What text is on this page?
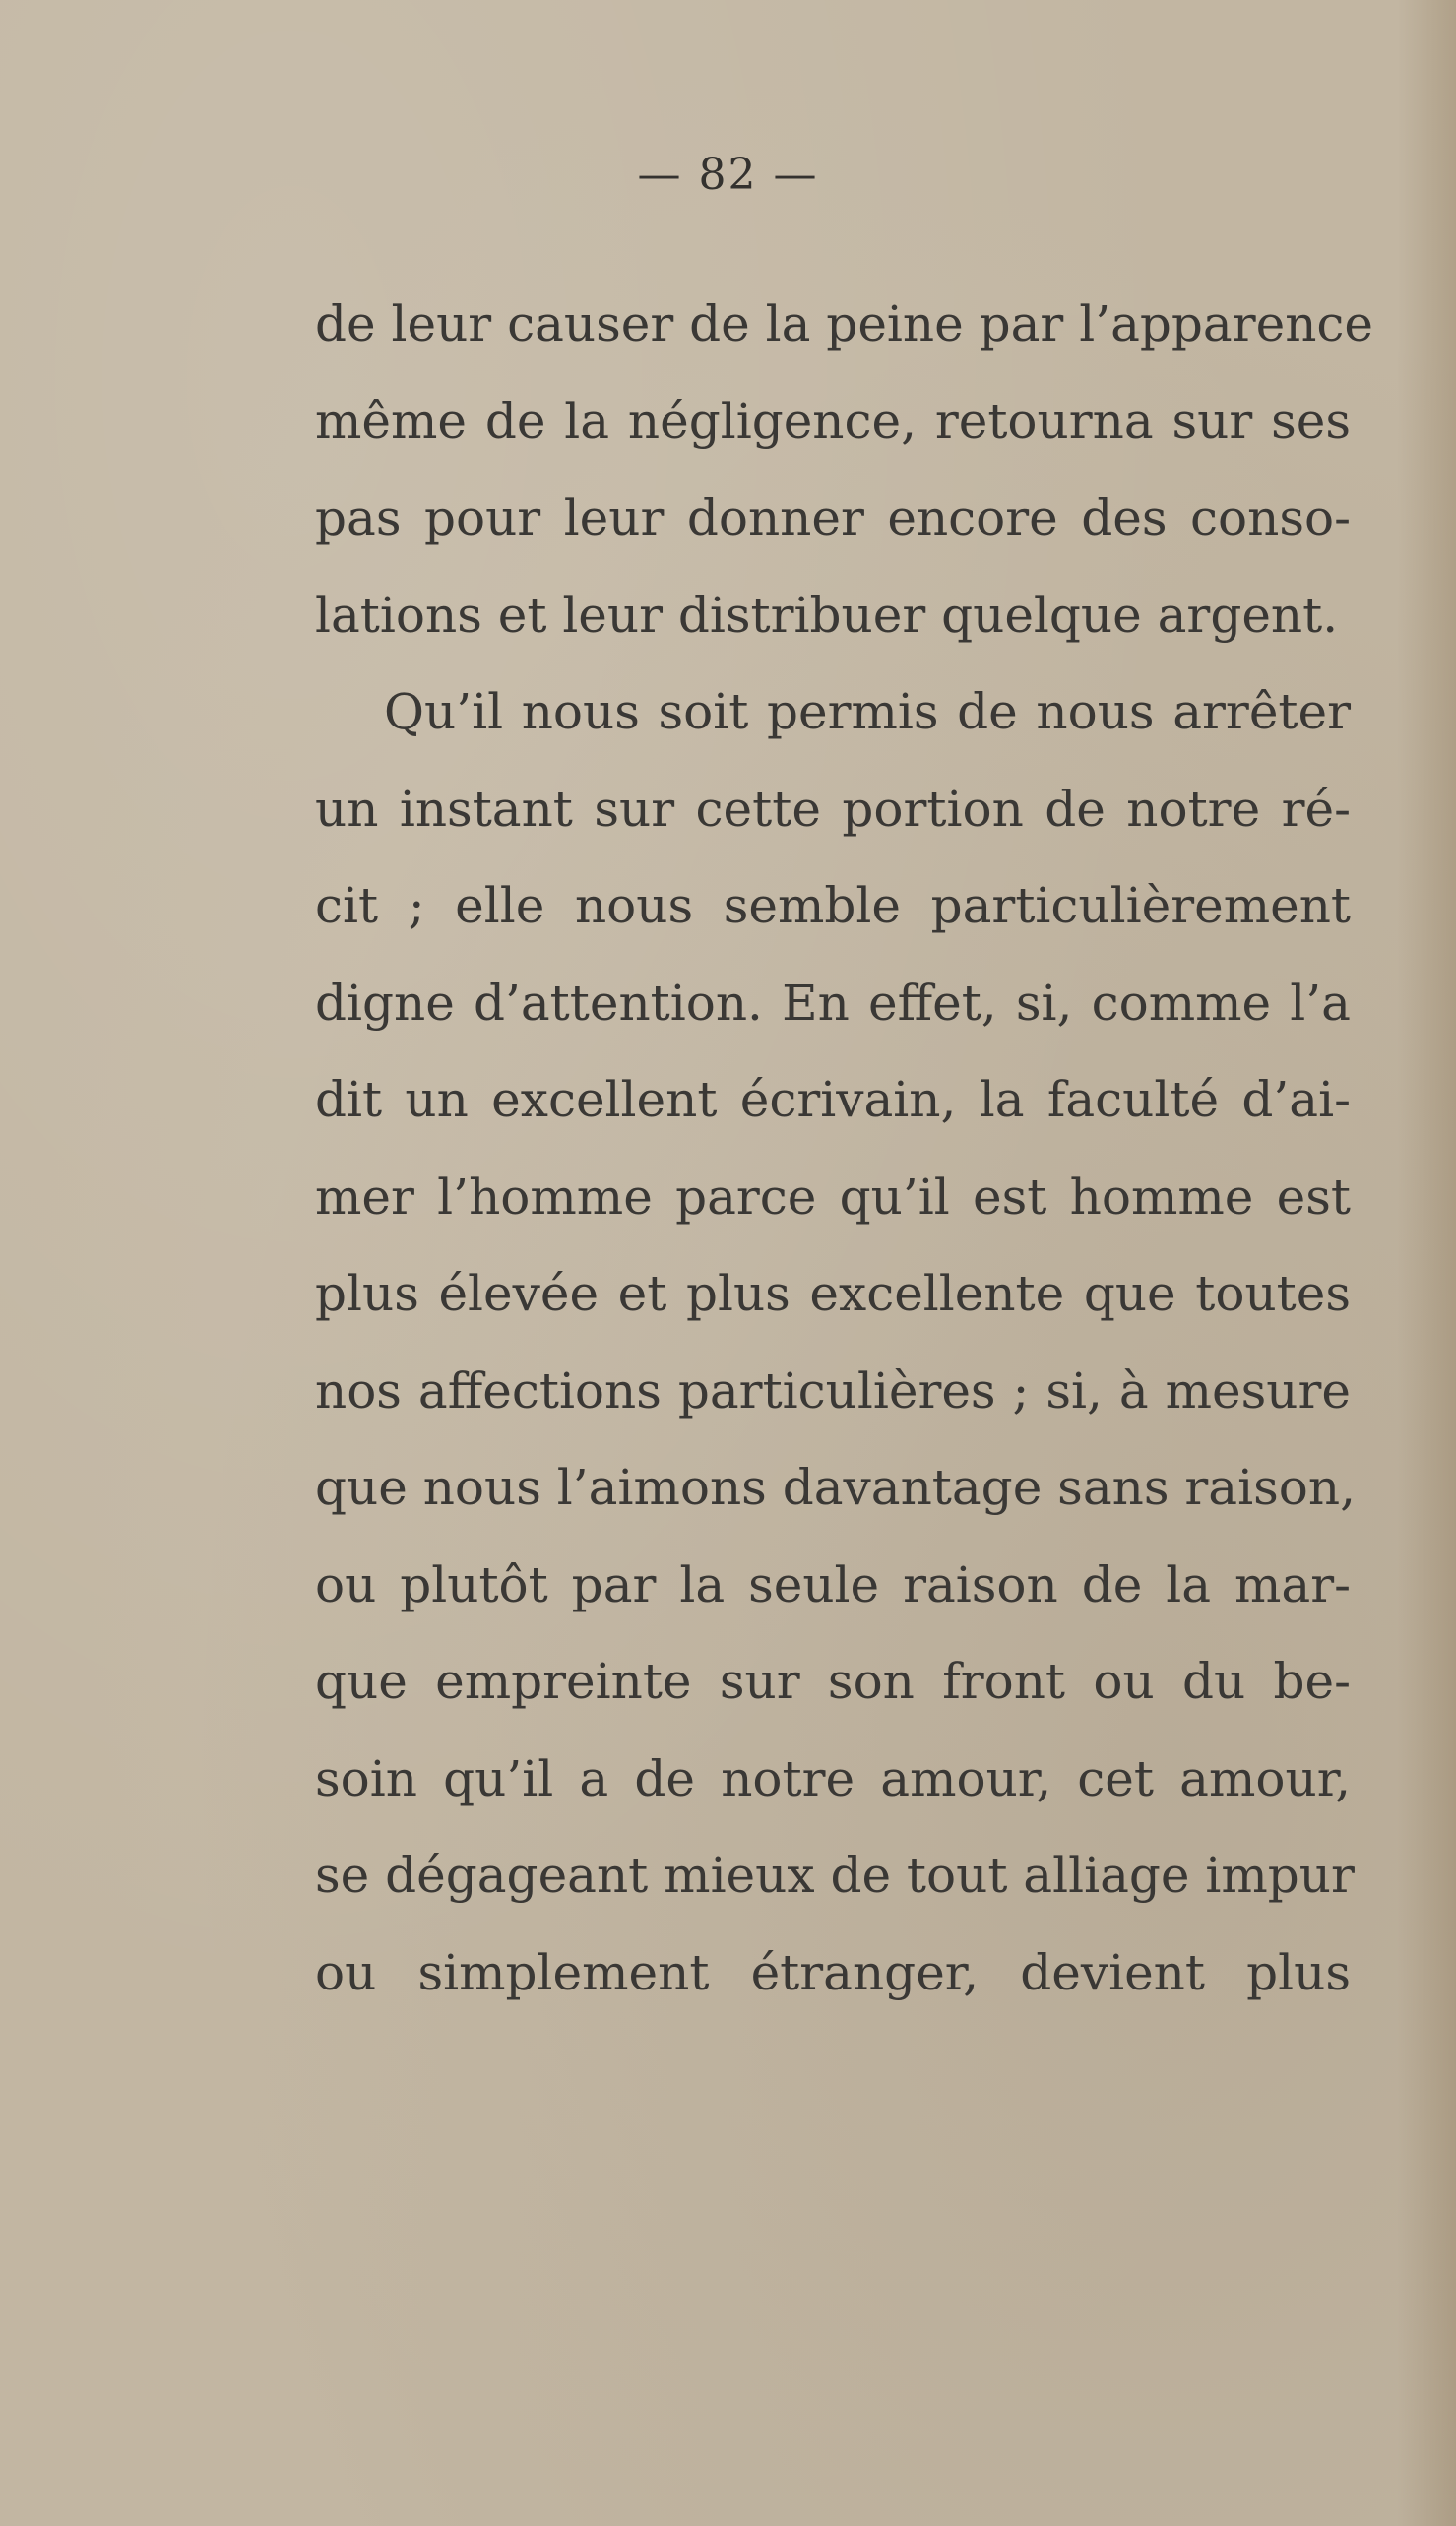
— 82 —
de leur causer de la peine par l’apparence
même de la négligence, retourna sur ses
pas pour leur donner encore des conso-
lations et leur distribuer quelque argent.
Qu’il nous soit permis de nous arrêter
un instant sur cette portion de notre ré-
cit ; elle nous semble particulièrement
digne d’attention. En effet, si, comme l’a
dit un excellent écrivain, la faculté d’ai-
mer l’homme parce qu’il est homme est
plus élevée et plus excellente que toutes
nos affections particulières ; si, à mesure
que nous l’aimons davantage sans raison,
ou plutôt par la seule raison de la mar-
que empreinte sur son front ou du be-
soin qu’il a de notre amour, cet amour,
se dégageant mieux de tout alliage impur
ou simplement étranger, devient plus
